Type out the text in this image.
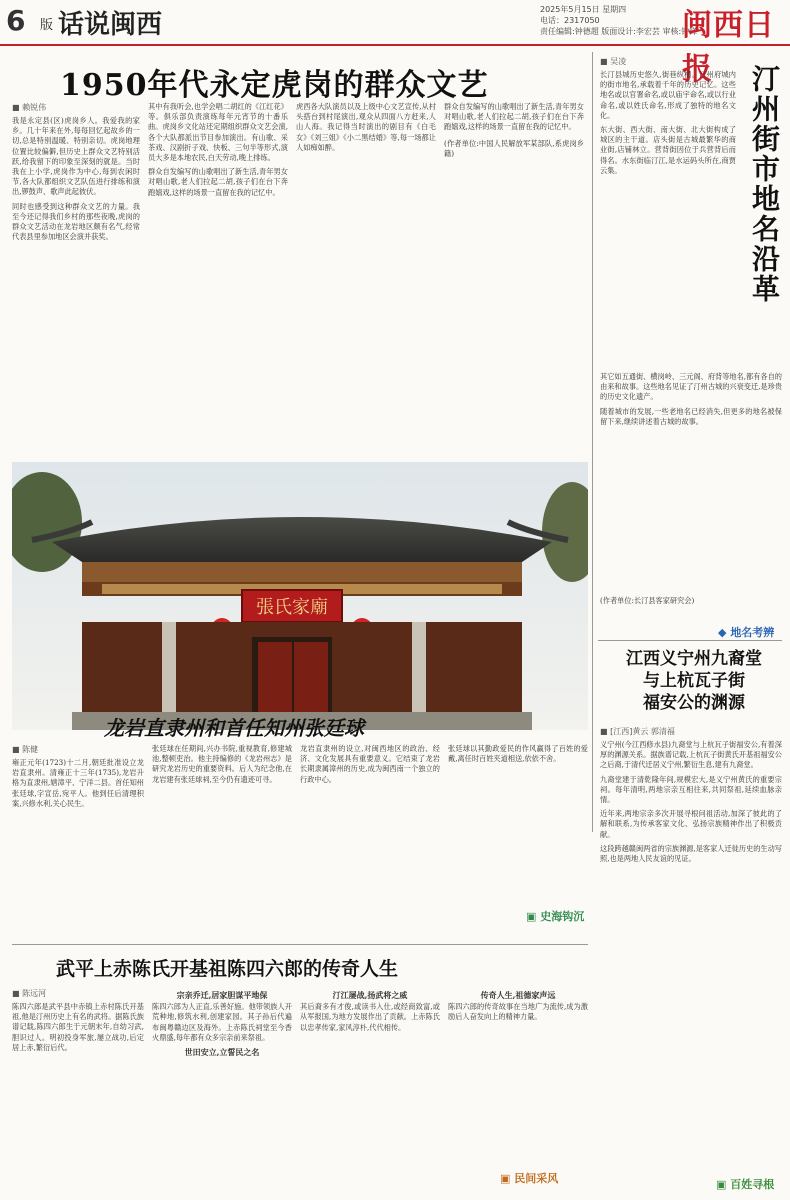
6 版 话说闽西
2025年5月15日 星期四
电话：2317050
责任编辑:钟德超 版面设计:李宏芸 审核:钟锋
闽西日报
1950年代永定虎岗的群众文艺
■ 赖锐伟

我是永定县(区)虎岗乡人。我爱我的家乡。几十年来在外,每每回忆起故乡的一切,总是特别温暖、特别亲切。虎岗地理位置比较偏僻,但历史上群众文艺特别活跃,给我留下的印象至深刻的就是。当时我在上小学,虎岗作为中心,每到农闲时节,各大队都组织文艺队伍进行排练和演出,锣鼓声、歌声此起彼伏。

同时也感受到这种群众文艺的力量。我至今还记得我们乡村的那些夜晚,虎岗的群众文艺活动在龙岩地区颇有名气,经常代表县里参加地区会演并获奖。

其中有我听会,也学会唱二胡红的《江红花》等。俱乐部负责演练每年元宵节的十番乐曲。虎岗乡文化站还定期组织群众文艺会演,各个大队都派出节目参加演出。有山歌、采茶戏、汉剧折子戏、快板、三句半等形式,演员大多是本地农民,白天劳动,晚上排练。

群众自发编写的山歌唱出了新生活,青年男女对唱山歌,老人们拉起二胡,孩子们在台下奔跑嬉戏,这样的场景一直留在我的记忆中。

虎西各大队演员以及上级中心文艺宣传,从村头搭台到村尾演出,观众从四面八方赶来,人山人海。我记得当时演出的剧目有《白毛女》《刘三姐》《小二黑结婚》等,每一场都让人如痴如醉。

群众自发编写的山歌唱出了新生活,青年男女对唱山歌,老人们拉起二胡,孩子们在台下奔跑嬉戏,这样的场景一直留在我的记忆中。

(作者单位:中国人民解放军某部队,系虎岗乡籍)

■ 吴凌
汀州街市地名沿革

长汀县城历史悠久,街巷纵横。汀州府城内的街市地名,承载着千年的历史记忆。这些地名或以官署命名,或以庙宇命名,或以行业命名,或以姓氏命名,形成了独特的地名文化。

东大街、西大街、南大街、北大街构成了城区的主干道。店头街是古城最繁华的商业街,店铺林立。营背街因位于兵营背后而得名。水东街临汀江,是水运码头所在,商贾云集。

其它如五通街、横岗岭、三元阁、府背等地名,都有各自的由来和故事。这些地名见证了汀州古城的兴衰变迁,是珍贵的历史文化遗产。

随着城市的发展,一些老地名已经消失,但更多的地名被保留下来,继续讲述着古城的故事。

(作者单位:长汀县客家研究会)

◆ 地名考辨
張氏家廟
龙岩直隶州和首任知州张廷球
■ 陈健

雍正元年(1723)十二月,朝廷批准设立龙岩直隶州。清雍正十三年(1735),龙岩升格为直隶州,辖漳平、宁洋二县。首任知州张廷球,字宣岳,宛平人。他到任后清理积案,兴修水利,关心民生。

张廷球在任期间,兴办书院,重视教育,修建城池,整顿吏治。他主持编修的《龙岩州志》是研究龙岩历史的重要资料。后人为纪念他,在龙岩建有张廷球祠,至今仍有遗迹可寻。

龙岩直隶州的设立,对闽西地区的政治、经济、文化发展具有重要意义。它结束了龙岩长期隶属漳州的历史,成为闽西南一个独立的行政中心。

张廷球以其勤政爱民的作风赢得了百姓的爱戴,离任时百姓夹道相送,依依不舍。

▣ 史海钩沉
江西义宁州九裔堂
与上杭瓦子街
福安公的渊源
■ [江西]黄云 郭清福

义宁州(今江西修水县)九裔堂与上杭瓦子街福安公,有着深厚的渊源关系。据族谱记载,上杭瓦子街黄氏开基祖福安公之后裔,于清代迁居义宁州,繁衍生息,建有九裔堂。

九裔堂建于清乾隆年间,规模宏大,是义宁州黄氏的重要宗祠。每年清明,两地宗亲互相往来,共同祭祖,延续血脉亲情。

近年来,两地宗亲多次开展寻根问祖活动,加深了彼此的了解和联系,为传承客家文化、弘扬宗族精神作出了积极贡献。

这段跨越赣闽两省的宗族渊源,是客家人迁徙历史的生动写照,也是两地人民友谊的见证。

▣ 百姓寻根
武平上赤陈氏开基祖陈四六郎的传奇人生
■ 陈远河

陈四六郎是武平县中赤镇上赤村陈氏开基祖,他是汀州历史上有名的武将。据陈氏族谱记载,陈四六郎生于元朝末年,自幼习武,胆识过人。明初投身军旅,屡立战功,后定居上赤,繁衍后代。

宗亲乔迁,居家胆谋平地保

陈四六郎为人正直,乐善好施。他带领族人开荒种地,修筑水利,创建家园。其子孙后代遍布闽粤赣边区及海外。上赤陈氏祠堂至今香火鼎盛,每年都有众多宗亲前来祭祖。

世田安立,立誓民之名
汀江屡战,扬武将之威

其后裔多有才俊,或读书入仕,或经商致富,或从军报国,为地方发展作出了贡献。上赤陈氏以忠孝传家,家风淳朴,代代相传。

传奇人生,祖德家声远

陈四六郎的传奇故事在当地广为流传,成为激励后人奋发向上的精神力量。

▣ 民间采风
